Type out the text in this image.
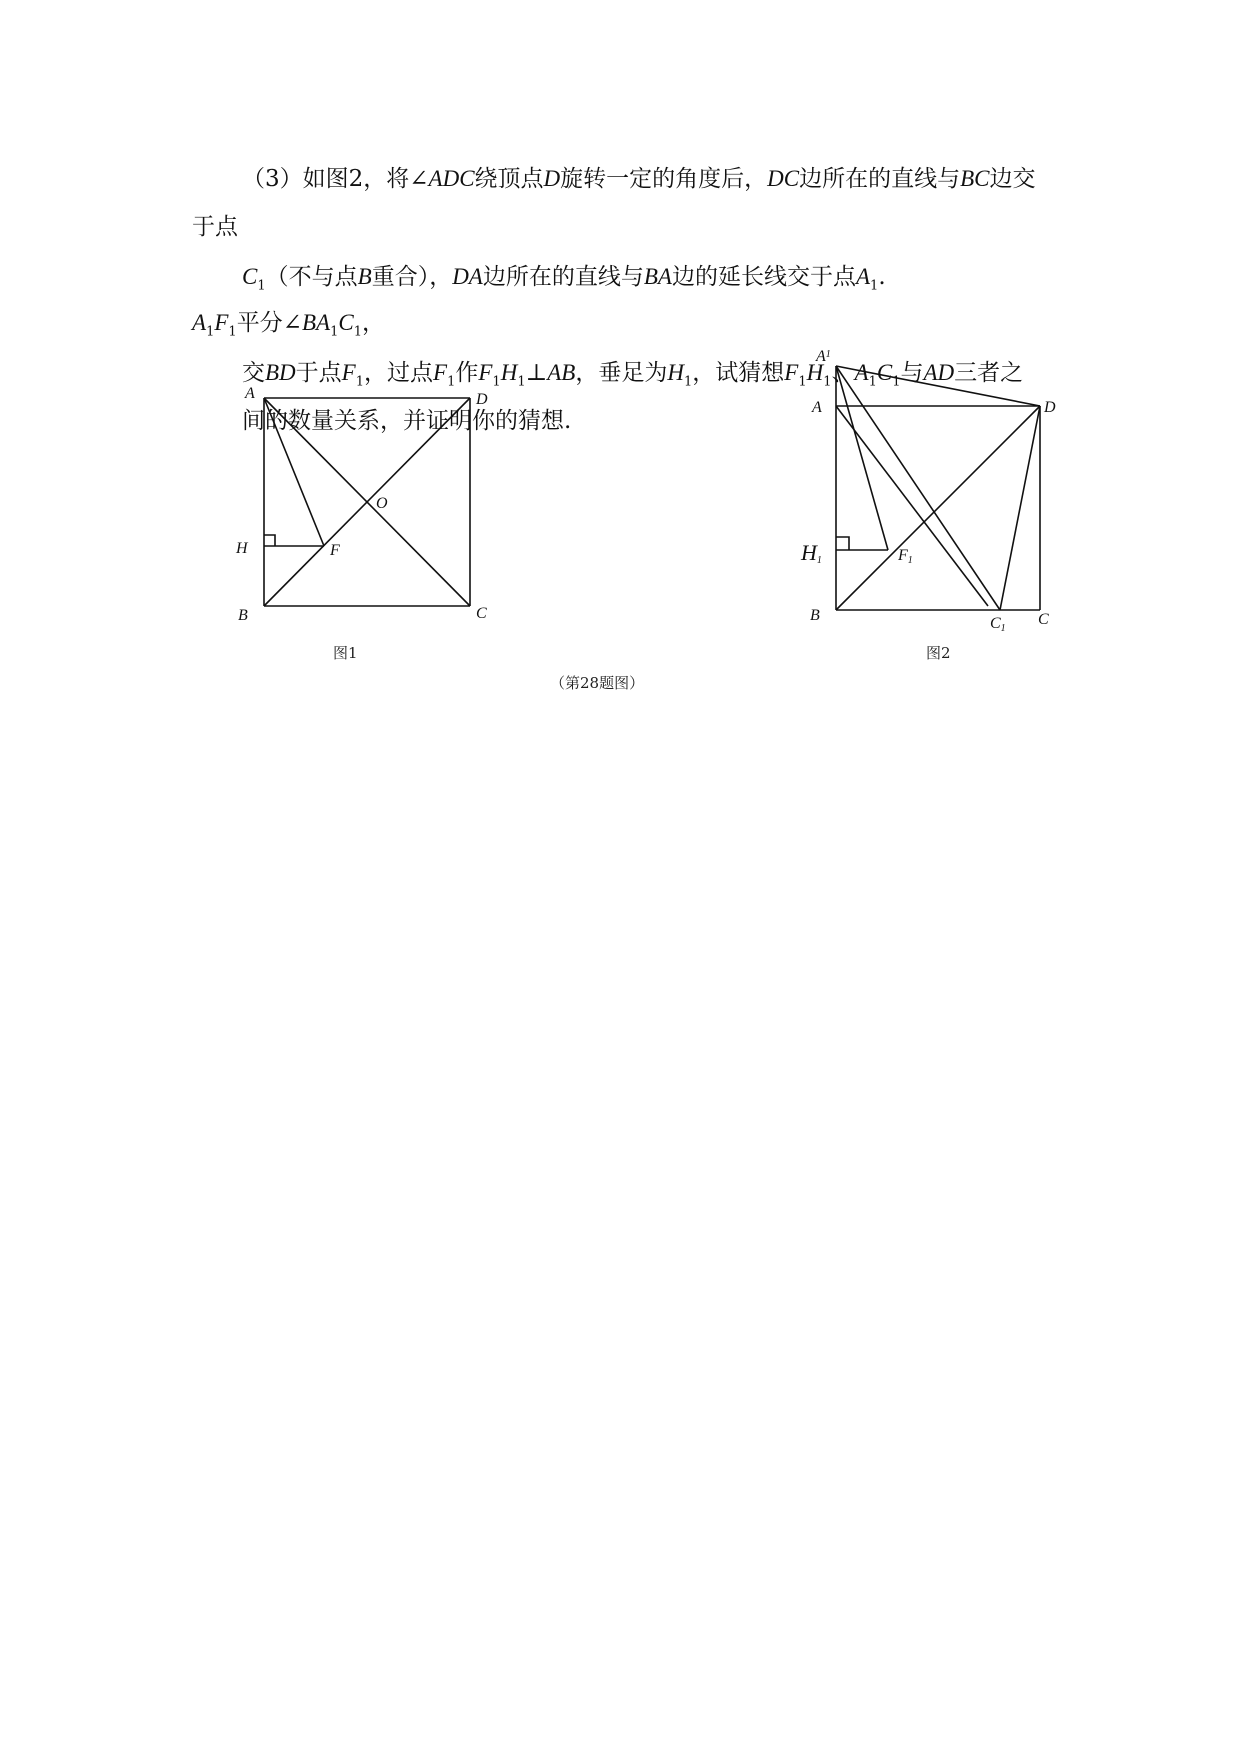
（3）如图2，将∠ADC绕顶点D旋转一定的角度后，DC边所在的直线与BC边交
于点
$C_1$（不与点B重合），DA边所在的直线与BA边的延长线交于点$A_1$.
$A_1F_1$平分$\angle BA_1C_1$，
交BD于点$F_1$，过点$F_1$作$F_1H_1\perp AB$，垂足为$H_1$，试猜想$F_1H_1$、$A_1C_1$与AD三者之
间的数量关系，并证明你的猜想.
A	D
O
H	F
B	C
图1
$A^1$
A	D
H1	F1
B	C1
C
图2
（第28题图）
